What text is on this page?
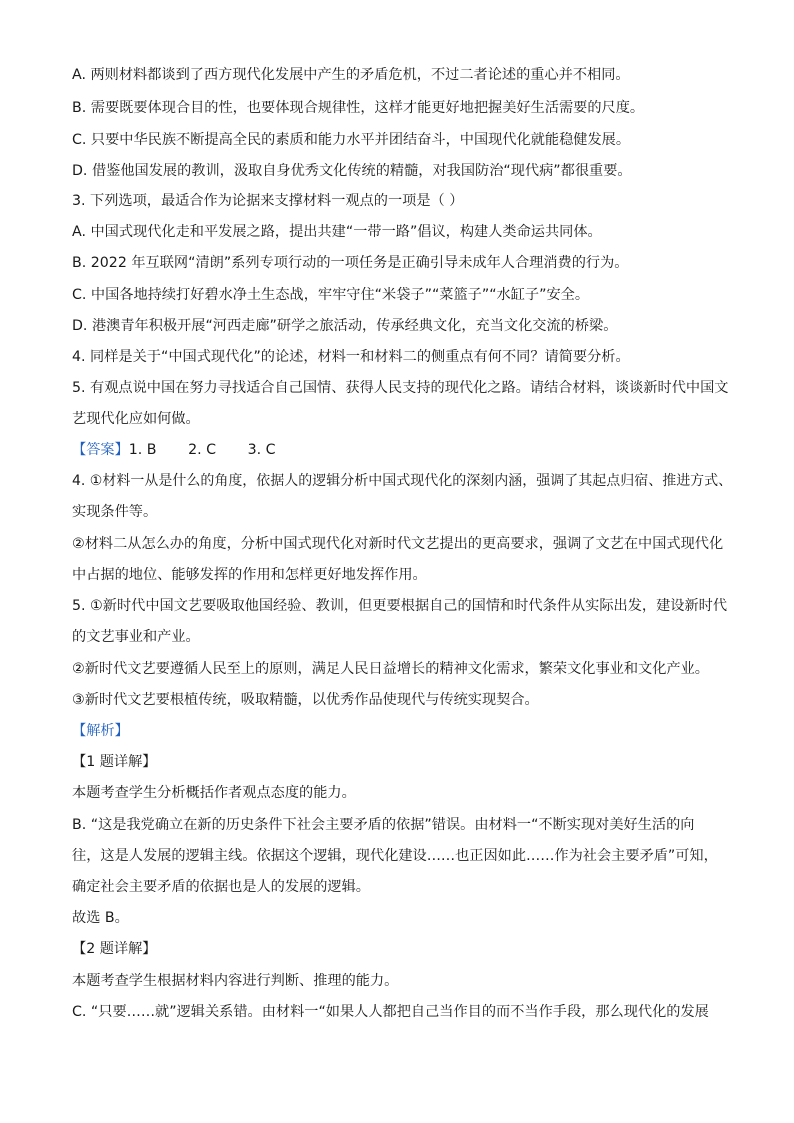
A. 两则材料都谈到了西方现代化发展中产生的矛盾危机，不过二者论述的重心并不相同。
B. 需要既要体现合目的性，也要体现合规律性，这样才能更好地把握美好生活需要的尺度。
C. 只要中华民族不断提高全民的素质和能力水平并团结奋斗，中国现代化就能稳健发展。
D. 借鉴他国发展的教训，汲取自身优秀文化传统的精髓，对我国防治“现代病”都很重要。
3. 下列选项，最适合作为论据来支撑材料一观点的一项是（ ）
A. 中国式现代化走和平发展之路，提出共建“一带一路”倡议，构建人类命运共同体。
B. 2022 年互联网“清朗”系列专项行动的一项任务是正确引导未成年人合理消费的行为。
C. 中国各地持续打好碧水净土生态战，牢牢守住“米袋子”“菜篮子”“水缸子”安全。
D. 港澳青年积极开展“河西走廊”研学之旅活动，传承经典文化，充当文化交流的桥梁。
4. 同样是关于“中国式现代化”的论述，材料一和材料二的侧重点有何不同？请简要分析。
5. 有观点说中国在努力寻找适合自己国情、获得人民支持的现代化之路。请结合材料，谈谈新时代中国文
艺现代化应如何做。
【答案】1. B       2. C       3. C
4. ①材料一从是什么的角度，依据人的逻辑分析中国式现代化的深刻内涵，强调了其起点归宿、推进方式、
实现条件等。
②材料二从怎么办的角度，分析中国式现代化对新时代文艺提出的更高要求，强调了文艺在中国式现代化
中占据的地位、能够发挥的作用和怎样更好地发挥作用。
5. ①新时代中国文艺要吸取他国经验、教训，但更要根据自己的国情和时代条件从实际出发，建设新时代
的文艺事业和产业。
②新时代文艺要遵循人民至上的原则，满足人民日益增长的精神文化需求，繁荣文化事业和文化产业。
③新时代文艺要根植传统，吸取精髓，以优秀作品使现代与传统实现契合。
【解析】
【1 题详解】
本题考查学生分析概括作者观点态度的能力。
B. “这是我党确立在新的历史条件下社会主要矛盾的依据”错误。由材料一“不断实现对美好生活的向
往，这是人发展的逻辑主线。依据这个逻辑，现代化建设……也正因如此……作为社会主要矛盾”可知，
确定社会主要矛盾的依据也是人的发展的逻辑。
故选 B。
【2 题详解】
本题考查学生根据材料内容进行判断、推理的能力。
C. “只要……就”逻辑关系错。由材料一“如果人人都把自己当作目的而不当作手段，那么现代化的发展
